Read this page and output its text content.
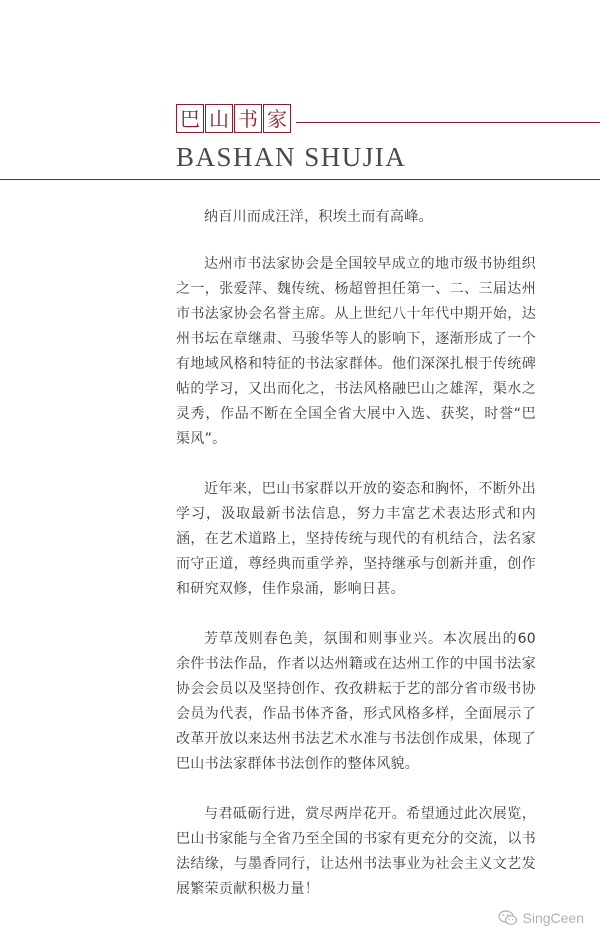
巴 山 书 家
BASHAN SHUJIA

纳百川而成汪洋，积埃土而有高峰。

达州市书法家协会是全国较早成立的地市级书协组织之一，张爱萍、魏传统、杨超曾担任第一、二、三届达州市书法家协会名誉主席。从上世纪八十年代中期开始，达州书坛在章继肃、马骏华等人的影响下，逐渐形成了一个有地域风格和特征的书法家群体。他们深深扎根于传统碑帖的学习，又出而化之，书法风格融巴山之雄浑，渠水之灵秀，作品不断在全国全省大展中入选、获奖，时誉“巴渠风”。

近年来，巴山书家群以开放的姿态和胸怀，不断外出学习，汲取最新书法信息，努力丰富艺术表达形式和内涵，在艺术道路上，坚持传统与现代的有机结合，法名家而守正道，尊经典而重学养，坚持继承与创新并重，创作和研究双修，佳作泉涌，影响日甚。

芳草茂则春色美，氛围和则事业兴。本次展出的60余件书法作品，作者以达州籍或在达州工作的中国书法家协会会员以及坚持创作、孜孜耕耘于艺的部分省市级书协会员为代表，作品书体齐备，形式风格多样，全面展示了改革开放以来达州书法艺术水准与书法创作成果，体现了巴山书法家群体书法创作的整体风貌。

与君砥砺行进，赏尽两岸花开。希望通过此次展览，巴山书家能与全省乃至全国的书家有更充分的交流，以书法结缘，与墨香同行，让达州书法事业为社会主义文艺发展繁荣贡献积极力量！

SingCeen
